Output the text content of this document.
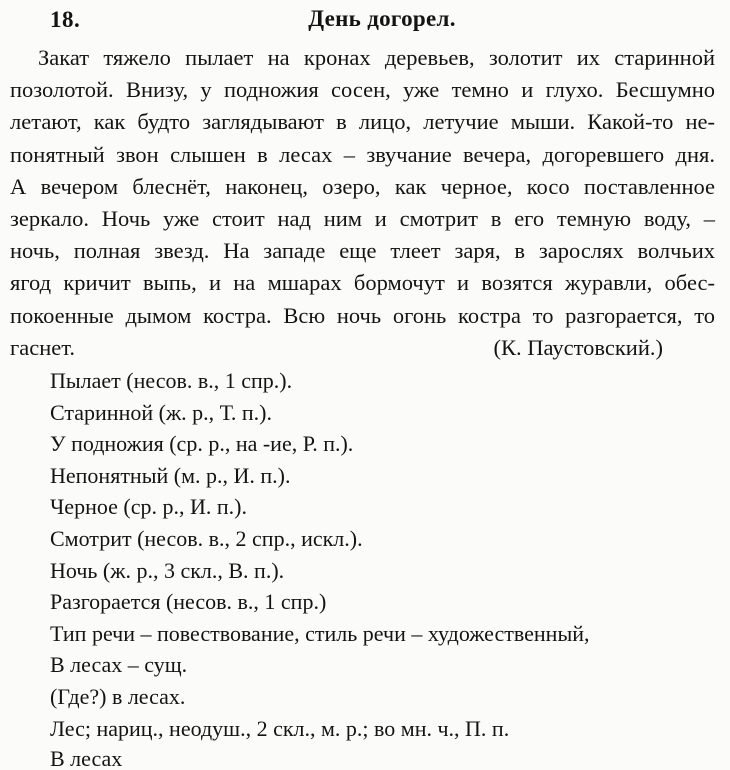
18.	День догорел.
Закат тяжело пылает на кронах деревьев, золотит их старинной
позолотой. Внизу, у подножия сосен, уже темно и глухо. Бесшумно
летают, как будто заглядывают в лицо, летучие мыши. Какой-то не-
понятный звон слышен в лесах – звучание вечера, догоревшего дня.
А вечером блеснёт, наконец, озеро, как черное, косо поставленное
зеркало. Ночь уже стоит над ним и смотрит в его темную воду, –
ночь, полная звезд. На западе еще тлеет заря, в зарослях волчьих
ягод кричит выпь, и на мшарах бормочут и возятся журавли, обес-
покоенные дымом костра. Всю ночь огонь костра то разгорается, то
гаснет.	(К. Паустовский.)
Пылает (несов. в., 1 спр.).
Старинной (ж. р., Т. п.).
У подножия (ср. р., на -ие, Р. п.).
Непонятный (м. р., И. п.).
Черное (ср. р., И. п.).
Смотрит (несов. в., 2 спр., искл.).
Ночь (ж. р., 3 скл., В. п.).
Разгорается (несов. в., 1 спр.)
Тип речи – повествование, стиль речи – художественный,
В лесах – сущ.
(Где?) в лесах.
Лес; нариц., неодуш., 2 скл., м. р.; во мн. ч., П. п.
В лесах
